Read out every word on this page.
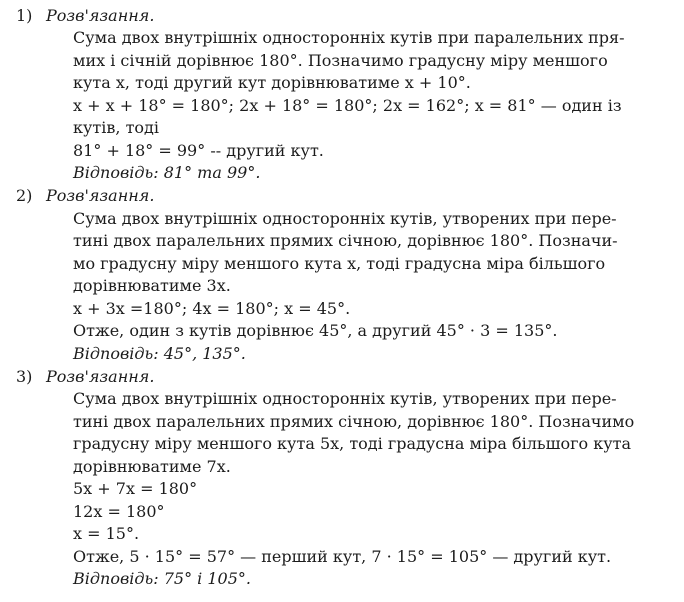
1) Розв'язання.
Сума двох внутрішніх односторонніх кутів при паралельних пря-
мих і січній дорівнює 180°. Позначимо градусну міру меншого
кута x, тоді другий кут дорівнюватиме x + 10°.
x + x + 18° = 180°; 2x + 18° = 180°; 2x = 162°; x = 81° — один із
кутів, тоді
81° + 18° = 99° -- другий кут.
Відповідь: 81° та 99°.
2) Розв'язання.
Сума двох внутрішніх односторонніх кутів, утворених при пере-
тині двох паралельних прямих січною, дорівнює 180°. Позначи-
мо градусну міру меншого кута x, тоді градусна міра більшого
дорівнюватиме 3x.
x + 3x =180°; 4x = 180°; x = 45°.
Отже, один з кутів дорівнює 45°, а другий 45° · 3 = 135°.
Відповідь: 45°, 135°.
3) Розв'язання.
Сума двох внутрішніх односторонніх кутів, утворених при пере-
тині двох паралельних прямих січною, дорівнює 180°. Позначимо
градусну міру меншого кута 5x, тоді градусна міра більшого кута
дорівнюватиме 7x.
5x + 7x = 180°
12x = 180°
x = 15°.
Отже, 5 · 15° = 57° — перший кут, 7 · 15° = 105° — другий кут.
Відповідь: 75° і 105°.
